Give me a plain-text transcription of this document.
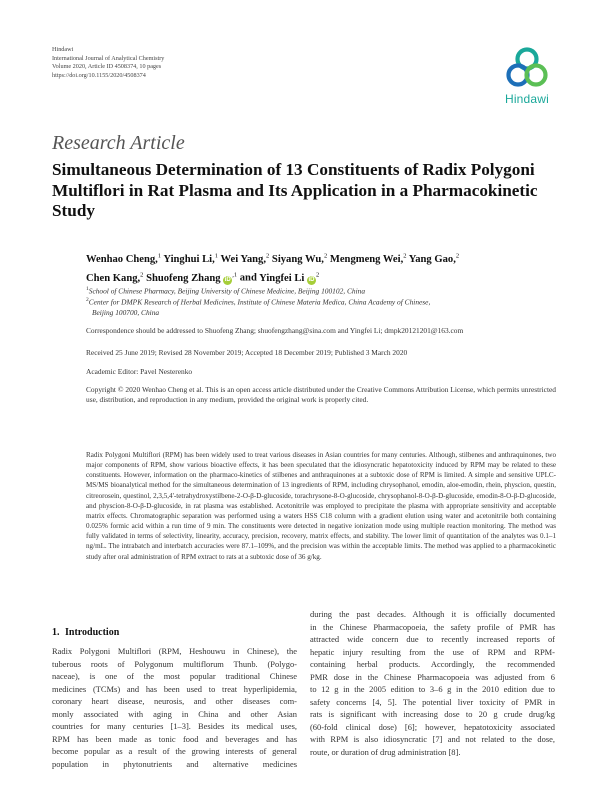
Hindawi
International Journal of Analytical Chemistry
Volume 2020, Article ID 4508374, 10 pages
https://doi.org/10.1155/2020/4508374
Hindawi
Research Article
Simultaneous Determination of 13 Constituents of Radix Polygoni Multiflori in Rat Plasma and Its Application in a Pharmacokinetic Study
Wenhao Cheng,$^1$ Yinghui Li,$^1$ Wei Yang,$^2$ Siyang Wu,$^2$ Mengmeng Wei,$^2$ Yang Gao,$^2$
Chen Kang,$^2$ Shuofeng Zhang $iD^{,1}$ and Yingfei Li $iD^2$
$^1$School of Chinese Pharmacy, Beijing University of Chinese Medicine, Beijing 100102, China
$^2$Center for DMPK Research of Herbal Medicines, Institute of Chinese Materia Medica, China Academy of Chinese,
Beijing 100700, China
Correspondence should be addressed to Shuofeng Zhang; shuofengzhang@sina.com and Yingfei Li; dmpk20121201@163.com
Received 25 June 2019; Revised 28 November 2019; Accepted 18 December 2019; Published 3 March 2020
Academic Editor: Pavel Nesterenko
Copyright © 2020 Wenhao Cheng et al. This is an open access article distributed under the Creative Commons Attribution License, which permits unrestricted use, distribution, and reproduction in any medium, provided the original work is properly cited.
Radix Polygoni Multiflori (RPM) has been widely used to treat various diseases in Asian countries for many centuries. Although, stilbenes and anthraquinones, two major components of RPM, show various bioactive effects, it has been speculated that the idiosyncratic hepatotoxicity induced by RPM may be related to these constituents. However, information on the pharmaco-kinetics of stilbenes and anthraquinones at a subtoxic dose of RPM is limited. A simple and sensitive UPLC-MS/MS bioanalytical method for the simultaneous determination of 13 ingredients of RPM, including chrysophanol, emodin, aloe-emodin, rhein, physcion, questin, citreorosein, questinol, 2,3,5,4'-tetrahydroxystilbene-2-O-β-D-glucoside, torachrysone-8-O-glucoside, chrysophanol-8-O-β-D-glucoside, emodin-8-O-β-D-glucoside, and physcion-8-O-β-D-glucoside, in rat plasma was established. Acetonitrile was employed to precipitate the plasma with appropriate sensitivity and acceptable matrix effects. Chromatographic separation was performed using a waters HSS C18 column with a gradient elution using water and acetonitrile both containing 0.025% formic acid within a run time of 9 min. The constituents were detected in negative ionization mode using multiple reaction monitoring. The method was fully validated in terms of selectivity, linearity, accuracy, precision, recovery, matrix effects, and stability. The lower limit of quantitation of the analytes was 0.1–1 ng/mL. The intrabatch and interbatch accuracies were 87.1–109%, and the precision was within the acceptable limits. The method was applied to a pharmacokinetic study after oral administration of RPM extract to rats at a subtoxic dose of 36 g/kg.
1. Introduction
Radix Polygoni Multiflori (RPM, Heshouwu in Chinese), the
tuberous roots of Polygonum multiflorum Thunb. (Polygo-
naceae), is one of the most popular traditional Chinese
medicines (TCMs) and has been used to treat hyperlipidemia,
coronary heart disease, neurosis, and other diseases com-
monly associated with aging in China and other Asian
countries for many centuries [1–3]. Besides its medical uses,
RPM has been made as tonic food and beverages and has
become popular as a result of the growing interests of general
population in phytonutrients and alternative medicines
during the past decades. Although it is officially documented
in the Chinese Pharmacopoeia, the safety profile of PMR has
attracted wide concern due to recently increased reports of
hepatic injury resulting from the use of RPM and RPM-
containing herbal products. Accordingly, the recommended
PMR dose in the Chinese Pharmacopoeia was adjusted from 6
to 12 g in the 2005 edition to 3–6 g in the 2010 edition due to
safety concerns [4, 5]. The potential liver toxicity of PMR in
rats is significant with increasing dose to 20 g crude drug/kg
(60-fold clinical dose) [6]; however, hepatotoxicity associated
with RPM is also idiosyncratic [7] and not related to the dose,
route, or duration of drug administration [8].
